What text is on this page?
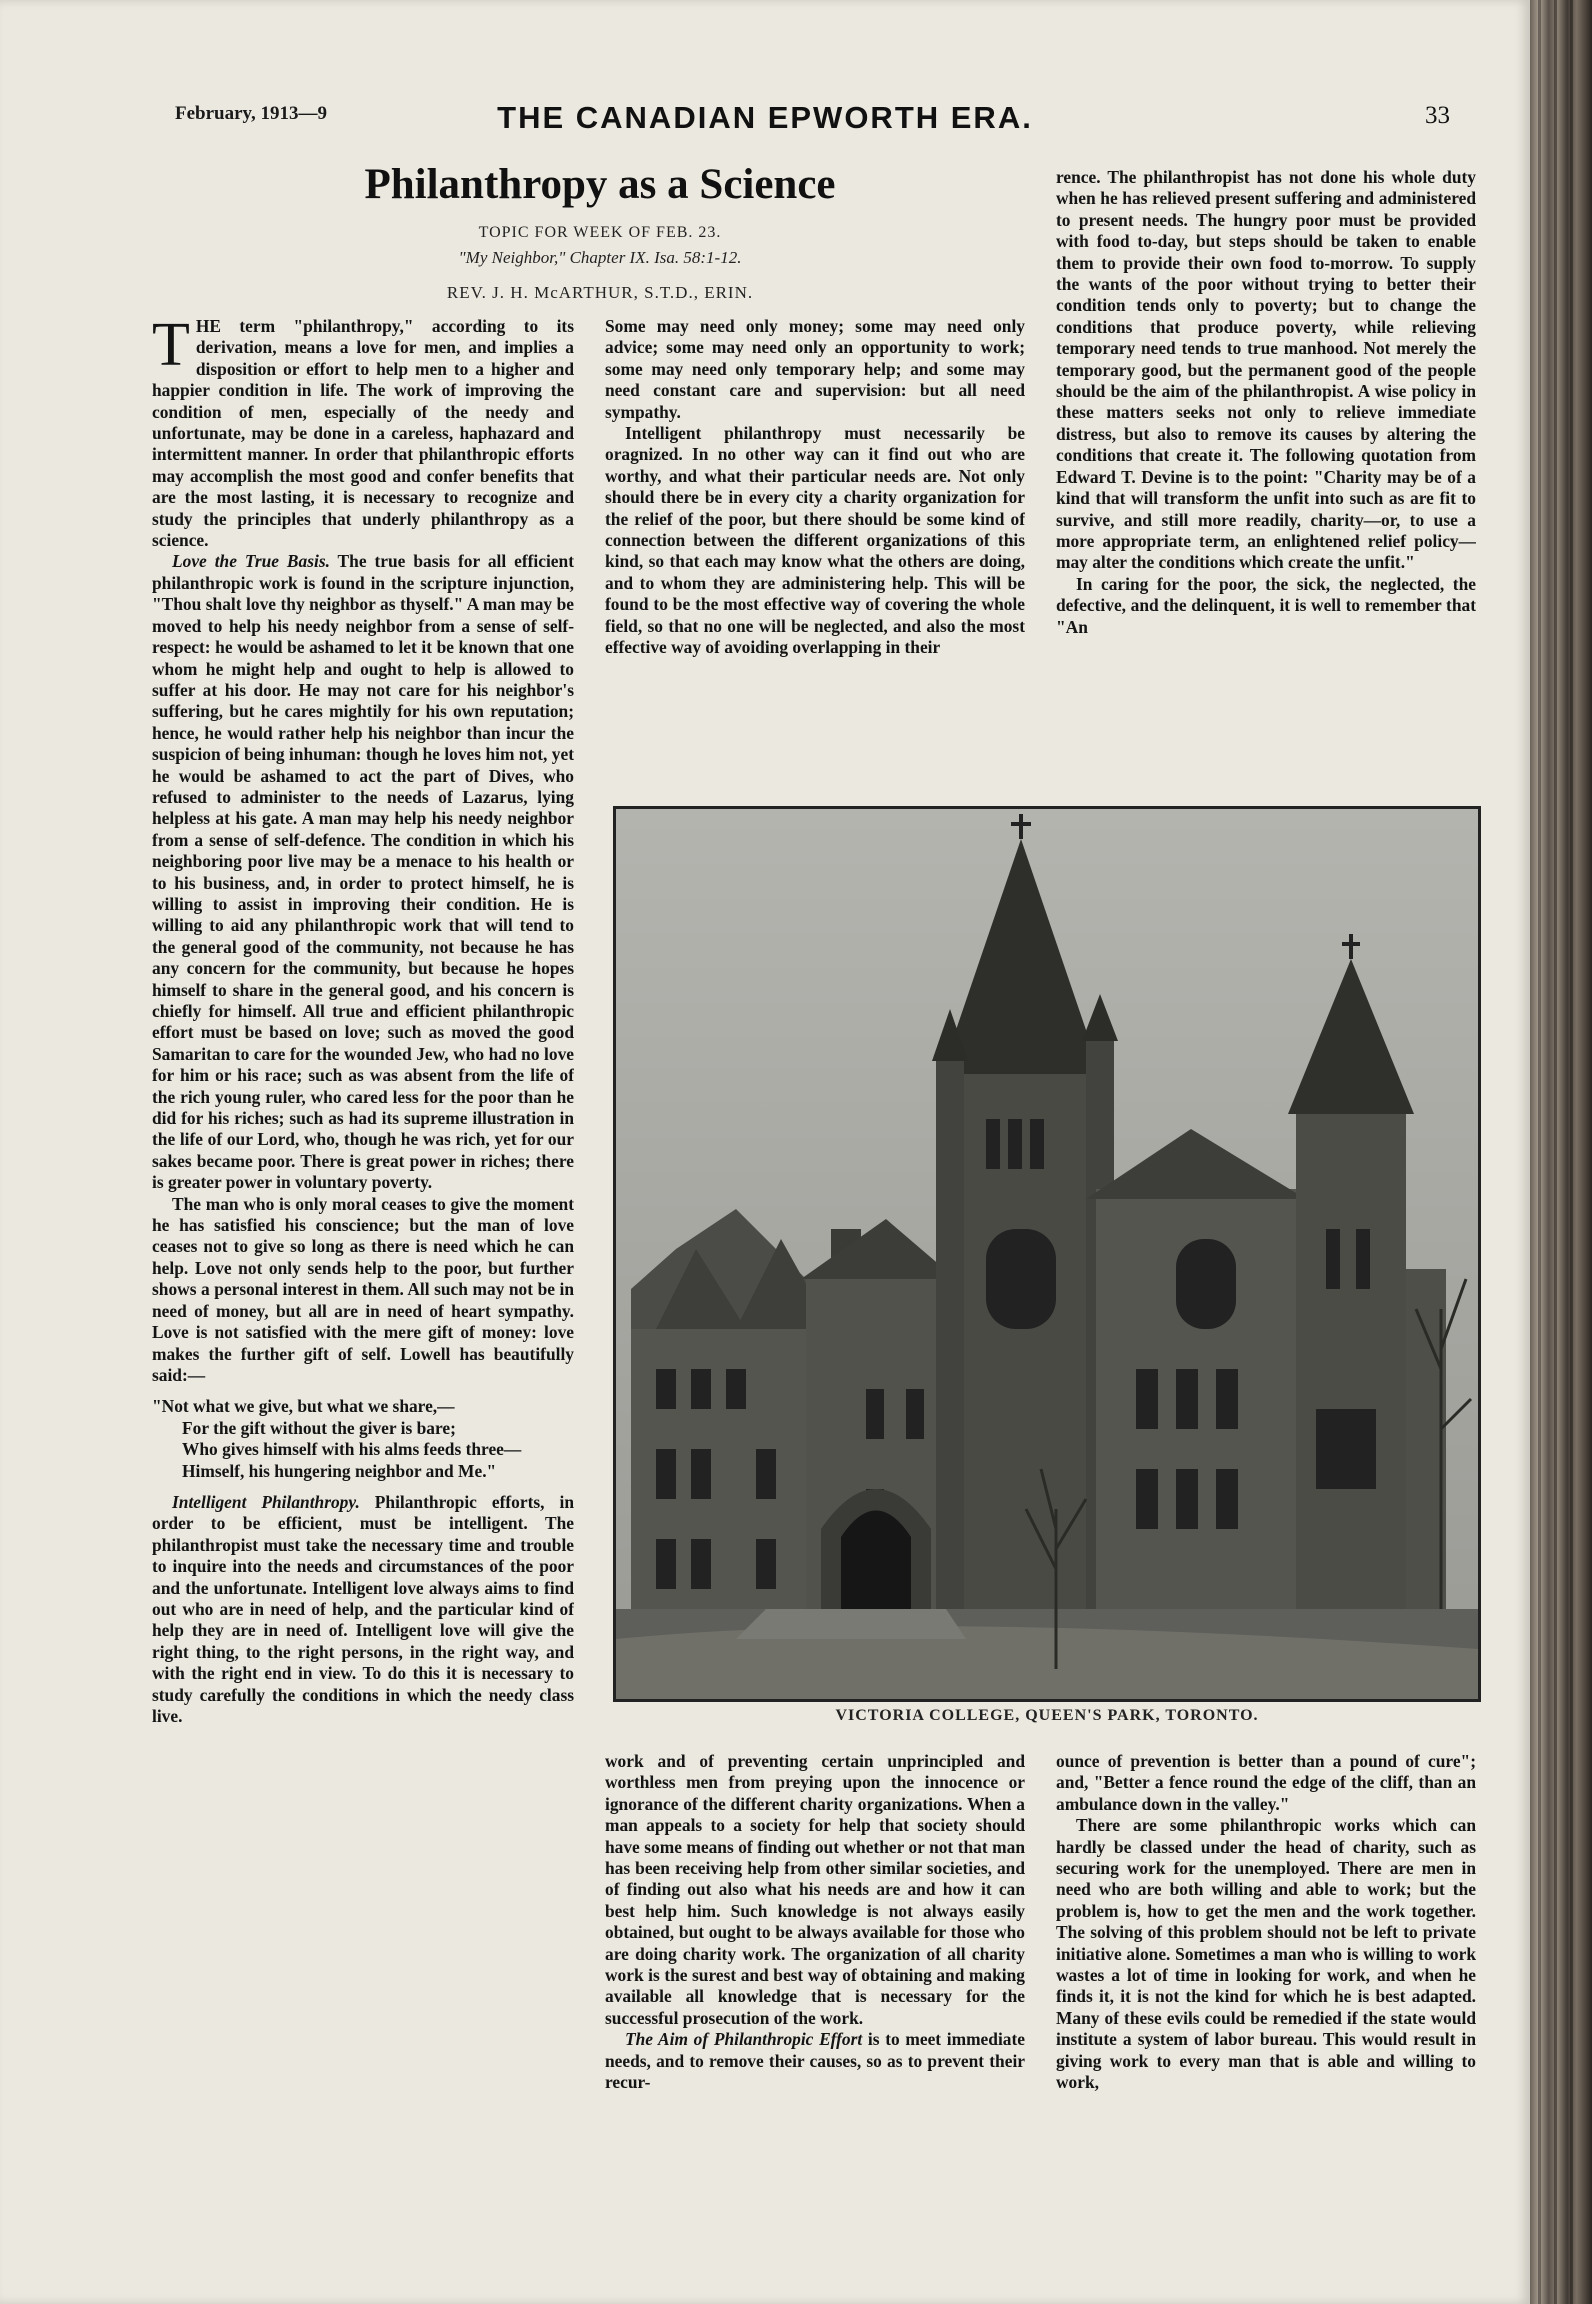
February, 1913—9	THE CANADIAN EPWORTH ERA.	33
Philanthropy as a Science
TOPIC FOR WEEK OF FEB. 23.
"My Neighbor," Chapter IX. Isa. 58:1-12.
REV. J. H. McARTHUR, S.T.D., ERIN.

THE term "philanthropy," according to its derivation, means a love for men, and implies a disposition or effort to help men to a higher and happier condition in life. The work of improving the condition of men, especially of the needy and unfortunate, may be done in a careless, haphazard and intermittent manner. In order that philanthropic efforts may accomplish the most good and confer benefits that are the most lasting, it is necessary to recognize and study the principles that underly philanthropy as a science.

Love the True Basis. The true basis for all efficient philanthropic work is found in the scripture injunction, "Thou shalt love thy neighbor as thyself." A man may be moved to help his needy neighbor from a sense of self-respect: he would be ashamed to let it be known that one whom he might help and ought to help is allowed to suffer at his door. He may not care for his neighbor's suffering, but he cares mightily for his own reputation; hence, he would rather help his neighbor than incur the suspicion of being inhuman: though he loves him not, yet he would be ashamed to act the part of Dives, who refused to administer to the needs of Lazarus, lying helpless at his gate. A man may help his needy neighbor from a sense of self-defence. The condition in which his neighboring poor live may be a menace to his health or to his business, and, in order to protect himself, he is willing to assist in improving their condition. He is willing to aid any philanthropic work that will tend to the general good of the community, not because he has any concern for the community, but because he hopes himself to share in the general good, and his concern is chiefly for himself. All true and efficient philanthropic effort must be based on love; such as moved the good Samaritan to care for the wounded Jew, who had no love for him or his race; such as was absent from the life of the rich young ruler, who cared less for the poor than he did for his riches; such as had its supreme illustration in the life of our Lord, who, though he was rich, yet for our sakes became poor. There is great power in riches; there is greater power in voluntary poverty.

The man who is only moral ceases to give the moment he has satisfied his conscience; but the man of love ceases not to give so long as there is need which he can help. Love not only sends help to the poor, but further shows a personal interest in them. All such may not be in need of money, but all are in need of heart sympathy. Love is not satisfied with the mere gift of money: love makes the further gift of self. Lowell has beautifully said:—

"Not what we give, but what we share,—
For the gift without the giver is bare;
Who gives himself with his alms feeds three—
Himself, his hungering neighbor and Me."

Intelligent Philanthropy. Philanthropic efforts, in order to be efficient, must be intelligent. The philanthropist must take the necessary time and trouble to inquire into the needs and circumstances of the poor and the unfortunate. Intelligent love always aims to find out who are in need of help, and the particular kind of help they are in need of. Intelligent love will give the right thing, to the right persons, in the right way, and with the right end in view. To do this it is necessary to study carefully the conditions in which the needy class live.

Some may need only money; some may need only advice; some may need only an opportunity to work; some may need only temporary help; and some may need constant care and supervision: but all need sympathy.

Intelligent philanthropy must necessarily be oragnized. In no other way can it find out who are worthy, and what their particular needs are. Not only should there be in every city a charity organization for the relief of the poor, but there should be some kind of connection between the different organizations of this kind, so that each may know what the others are doing, and to whom they are administering help. This will be found to be the most effective way of covering the whole field, so that no one will be neglected, and also the most effective way of avoiding overlapping in their

rence. The philanthropist has not done his whole duty when he has relieved present suffering and administered to present needs. The hungry poor must be provided with food to-day, but steps should be taken to enable them to provide their own food to-morrow. To supply the wants of the poor without trying to better their condition tends only to poverty; but to change the conditions that produce poverty, while relieving temporary need tends to true manhood. Not merely the temporary good, but the permanent good of the people should be the aim of the philanthropist. A wise policy in these matters seeks not only to relieve immediate distress, but also to remove its causes by altering the conditions that create it. The following quotation from Edward T. Devine is to the point: "Charity may be of a kind that will transform the unfit into such as are fit to survive, and still more readily, charity—or, to use a more appropriate term, an enlightened relief policy—may alter the conditions which create the unfit."

In caring for the poor, the sick, the neglected, the defective, and the delinquent, it is well to remember that "An

VICTORIA COLLEGE, QUEEN'S PARK, TORONTO.

work and of preventing certain unprincipled and worthless men from preying upon the innocence or ignorance of the different charity organizations. When a man appeals to a society for help that society should have some means of finding out whether or not that man has been receiving help from other similar societies, and of finding out also what his needs are and how it can best help him. Such knowledge is not always easily obtained, but ought to be always available for those who are doing charity work. The organization of all charity work is the surest and best way of obtaining and making available all knowledge that is necessary for the successful prosecution of the work.

The Aim of Philanthropic Effort is to meet immediate needs, and to remove their causes, so as to prevent their recur-

ounce of prevention is better than a pound of cure"; and, "Better a fence round the edge of the cliff, than an ambulance down in the valley."

There are some philanthropic works which can hardly be classed under the head of charity, such as securing work for the unemployed. There are men in need who are both willing and able to work; but the problem is, how to get the men and the work together. The solving of this problem should not be left to private initiative alone. Sometimes a man who is willing to work wastes a lot of time in looking for work, and when he finds it, it is not the kind for which he is best adapted. Many of these evils could be remedied if the state would institute a system of labor bureau. This would result in giving work to every man that is able and willing to work,
